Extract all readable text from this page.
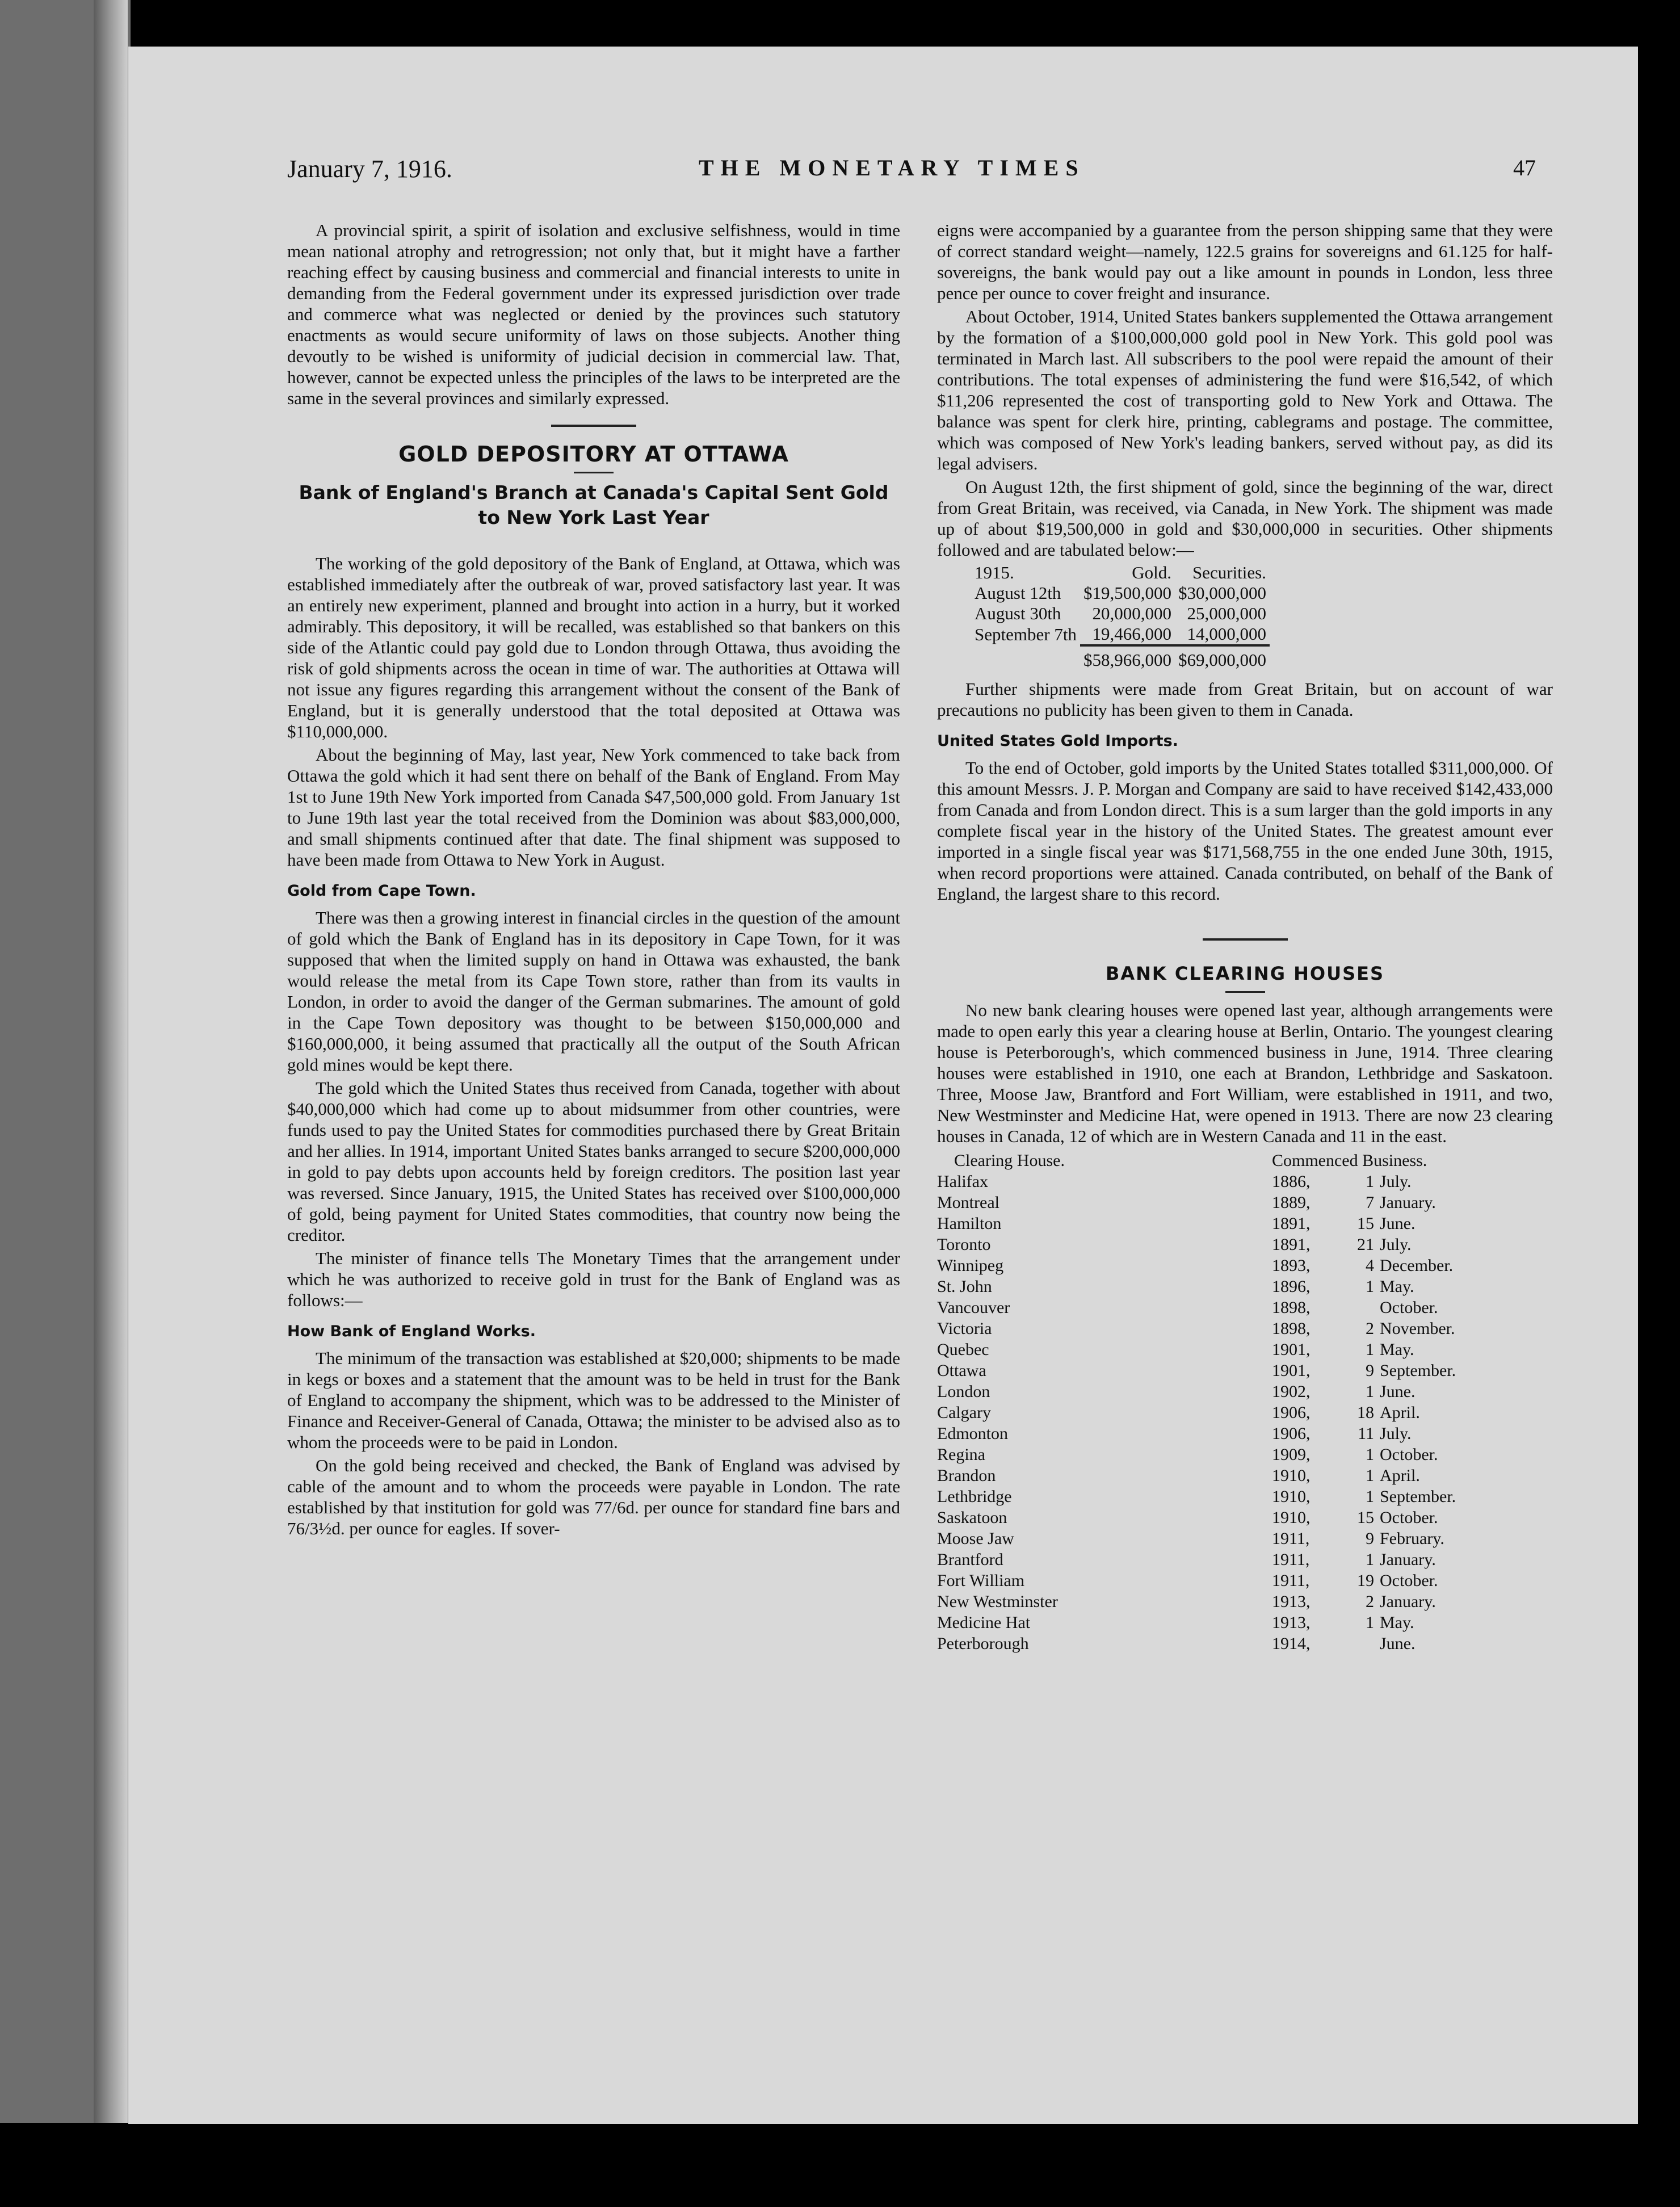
January 7, 1916.	THE MONETARY TIMES	47

A provincial spirit, a spirit of isolation and exclusive selfishness, would in time mean national atrophy and retrogression; not only that, but it might have a farther reaching effect by causing business and commercial and financial interests to unite in demanding from the Federal government under its expressed jurisdiction over trade and commerce what was neglected or denied by the provinces such statutory enactments as would secure uniformity of laws on those subjects. Another thing devoutly to be wished is uniformity of judicial decision in commercial law. That, however, cannot be expected unless the principles of the laws to be interpreted are the same in the several provinces and similarly expressed.

GOLD DEPOSITORY AT OTTAWA
Bank of England's Branch at Canada's Capital Sent Gold to New York Last Year

The working of the gold depository of the Bank of England, at Ottawa, which was established immediately after the outbreak of war, proved satisfactory last year. It was an entirely new experiment, planned and brought into action in a hurry, but it worked admirably. This depository, it will be recalled, was established so that bankers on this side of the Atlantic could pay gold due to London through Ottawa, thus avoiding the risk of gold shipments across the ocean in time of war. The authorities at Ottawa will not issue any figures regarding this arrangement without the consent of the Bank of England, but it is generally understood that the total deposited at Ottawa was $110,000,000.

About the beginning of May, last year, New York commenced to take back from Ottawa the gold which it had sent there on behalf of the Bank of England. From May 1st to June 19th New York imported from Canada $47,500,000 gold. From January 1st to June 19th last year the total received from the Dominion was about $83,000,000, and small shipments continued after that date. The final shipment was supposed to have been made from Ottawa to New York in August.

Gold from Cape Town.

There was then a growing interest in financial circles in the question of the amount of gold which the Bank of England has in its depository in Cape Town, for it was supposed that when the limited supply on hand in Ottawa was exhausted, the bank would release the metal from its Cape Town store, rather than from its vaults in London, in order to avoid the danger of the German submarines. The amount of gold in the Cape Town depository was thought to be between $150,000,000 and $160,000,000, it being assumed that practically all the output of the South African gold mines would be kept there.

The gold which the United States thus received from Canada, together with about $40,000,000 which had come up to about midsummer from other countries, were funds used to pay the United States for commodities purchased there by Great Britain and her allies. In 1914, important United States banks arranged to secure $200,000,000 in gold to pay debts upon accounts held by foreign creditors. The position last year was reversed. Since January, 1915, the United States has received over $100,000,000 of gold, being payment for United States commodities, that country now being the creditor.

The minister of finance tells The Monetary Times that the arrangement under which he was authorized to receive gold in trust for the Bank of England was as follows:—

How Bank of England Works.

The minimum of the transaction was established at $20,000; shipments to be made in kegs or boxes and a statement that the amount was to be held in trust for the Bank of England to accompany the shipment, which was to be addressed to the Minister of Finance and Receiver-General of Canada, Ottawa; the minister to be advised also as to whom the proceeds were to be paid in London.

On the gold being received and checked, the Bank of England was advised by cable of the amount and to whom the proceeds were payable in London. The rate established by that institution for gold was 77/6d. per ounce for standard fine bars and 76/3½d. per ounce for eagles. If sover-

eigns were accompanied by a guarantee from the person shipping same that they were of correct standard weight—namely, 122.5 grains for sovereigns and 61.125 for half-sovereigns, the bank would pay out a like amount in pounds in London, less three pence per ounce to cover freight and insurance.

About October, 1914, United States bankers supplemented the Ottawa arrangement by the formation of a $100,000,000 gold pool in New York. This gold pool was terminated in March last. All subscribers to the pool were repaid the amount of their contributions. The total expenses of administering the fund were $16,542, of which $11,206 represented the cost of transporting gold to New York and Ottawa. The balance was spent for clerk hire, printing, cablegrams and postage. The committee, which was composed of New York's leading bankers, served without pay, as did its legal advisers.

On August 12th, the first shipment of gold, since the beginning of the war, direct from Great Britain, was received, via Canada, in New York. The shipment was made up of about $19,500,000 in gold and $30,000,000 in securities. Other shipments followed and are tabulated below:—

1915.	Gold.	Securities.
August 12th	$19,500,000	$30,000,000
August 30th	20,000,000	25,000,000
September 7th	19,466,000	14,000,000
	$58,966,000	$69,000,000

Further shipments were made from Great Britain, but on account of war precautions no publicity has been given to them in Canada.

United States Gold Imports.

To the end of October, gold imports by the United States totalled $311,000,000. Of this amount Messrs. J. P. Morgan and Company are said to have received $142,433,000 from Canada and from London direct. This is a sum larger than the gold imports in any complete fiscal year in the history of the United States. The greatest amount ever imported in a single fiscal year was $171,568,755 in the one ended June 30th, 1915, when record proportions were attained. Canada contributed, on behalf of the Bank of England, the largest share to this record.

BANK CLEARING HOUSES

No new bank clearing houses were opened last year, although arrangements were made to open early this year a clearing house at Berlin, Ontario. The youngest clearing house is Peterborough's, which commenced business in June, 1914. Three clearing houses were established in 1910, one each at Brandon, Lethbridge and Saskatoon. Three, Moose Jaw, Brantford and Fort William, were established in 1911, and two, New Westminster and Medicine Hat, were opened in 1913. There are now 23 clearing houses in Canada, 12 of which are in Western Canada and 11 in the east.

Clearing House.	Commenced Business.		
Halifax	1886,	1	July.
Montreal	1889,	7	January.
Hamilton	1891,	15	June.
Toronto	1891,	21	July.
Winnipeg	1893,	4	December.
St. John	1896,	1	May.
Vancouver	1898,		October.
Victoria	1898,	2	November.
Quebec	1901,	1	May.
Ottawa	1901,	9	September.
London	1902,	1	June.
Calgary	1906,	18	April.
Edmonton	1906,	11	July.
Regina	1909,	1	October.
Brandon	1910,	1	April.
Lethbridge	1910,	1	September.
Saskatoon	1910,	15	October.
Moose Jaw	1911,	9	February.
Brantford	1911,	1	January.
Fort William	1911,	19	October.
New Westminster	1913,	2	January.
Medicine Hat	1913,	1	May.
Peterborough	1914,		June.
